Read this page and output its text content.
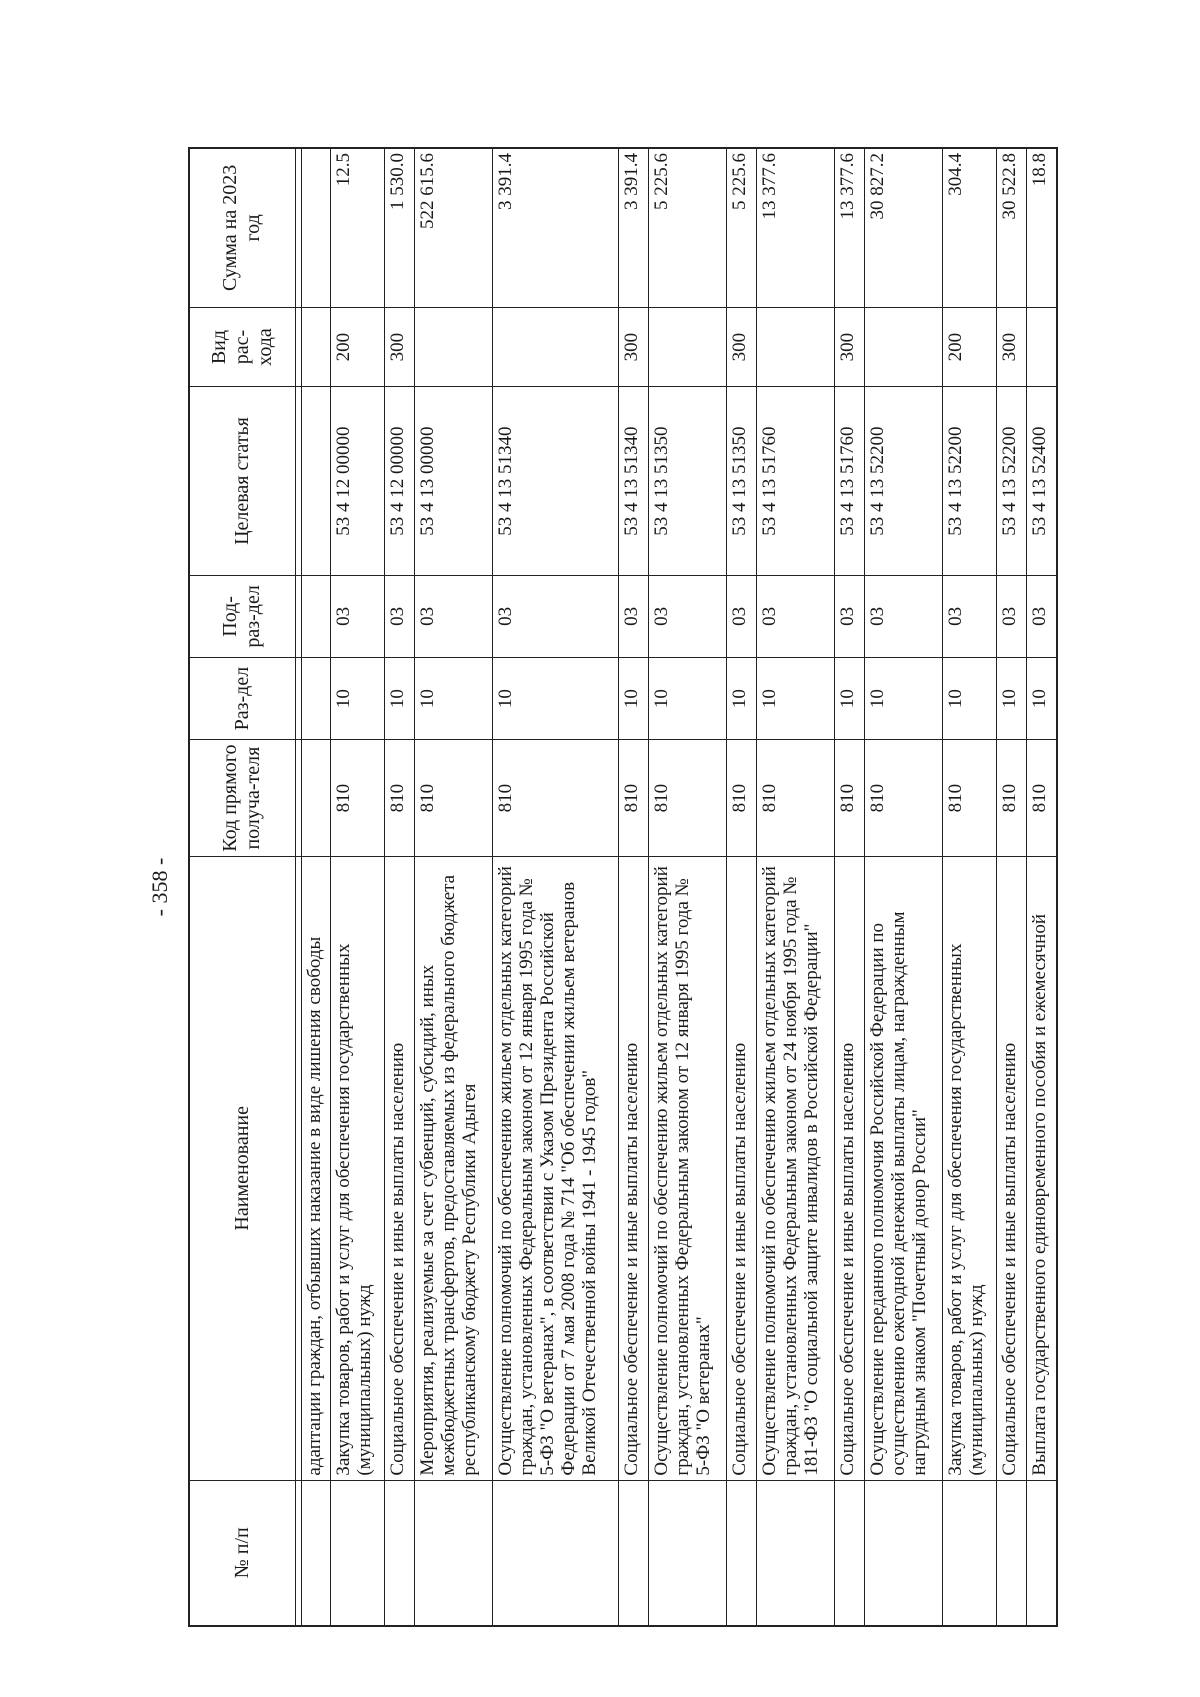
- 358 -
№ п/п	Наименование	Код прямого получа-теля	Раз-дел	Под-раз-дел	Целевая статья	Вид рас-хода	Сумма на 2023 год

	адаптации граждан, отбывших наказание в виде лишения свободы						
	Закупка товаров, работ и услуг для обеспечения государственных (муниципальных) нужд	810	10	03	53 4 12 00000	200	12.5
	Социальное обеспечение и иные выплаты населению	810	10	03	53 4 12 00000	300	1 530.0
	Мероприятия, реализуемые за счет субвенций, субсидий, иных межбюджетных трансфертов, предоставляемых из федерального бюджета республиканскому бюджету Республики Адыгея	810	10	03	53 4 13 00000		522 615.6
	Осуществление полномочий по обеспечению жильем отдельных категорий граждан, установленных Федеральным законом от 12 января 1995 года № 5-ФЗ "О ветеранах", в соответствии с Указом Президента Российской Федерации от 7 мая 2008 года № 714 "Об обеспечении жильем ветеранов Великой Отечественной войны 1941 - 1945 годов"	810	10	03	53 4 13 51340		3 391.4
	Социальное обеспечение и иные выплаты населению	810	10	03	53 4 13 51340	300	3 391.4
	Осуществление полномочий по обеспечению жильем отдельных категорий граждан, установленных Федеральным законом от 12 января 1995 года № 5-ФЗ "О ветеранах"	810	10	03	53 4 13 51350		5 225.6
	Социальное обеспечение и иные выплаты населению	810	10	03	53 4 13 51350	300	5 225.6
	Осуществление полномочий по обеспечению жильем отдельных категорий граждан, установленных Федеральным законом от 24 ноября 1995 года № 181-ФЗ "О социальной защите инвалидов в Российской Федерации"	810	10	03	53 4 13 51760		13 377.6
	Социальное обеспечение и иные выплаты населению	810	10	03	53 4 13 51760	300	13 377.6
	Осуществление переданного полномочия Российской Федерации по осуществлению ежегодной денежной выплаты лицам, награжденным нагрудным знаком "Почетный донор России"	810	10	03	53 4 13 52200		30 827.2
	Закупка товаров, работ и услуг для обеспечения государственных (муниципальных) нужд	810	10	03	53 4 13 52200	200	304.4
	Социальное обеспечение и иные выплаты населению	810	10	03	53 4 13 52200	300	30 522.8
	Выплата государственного единовременного пособия и ежемесячной	810	10	03	53 4 13 52400		18.8
